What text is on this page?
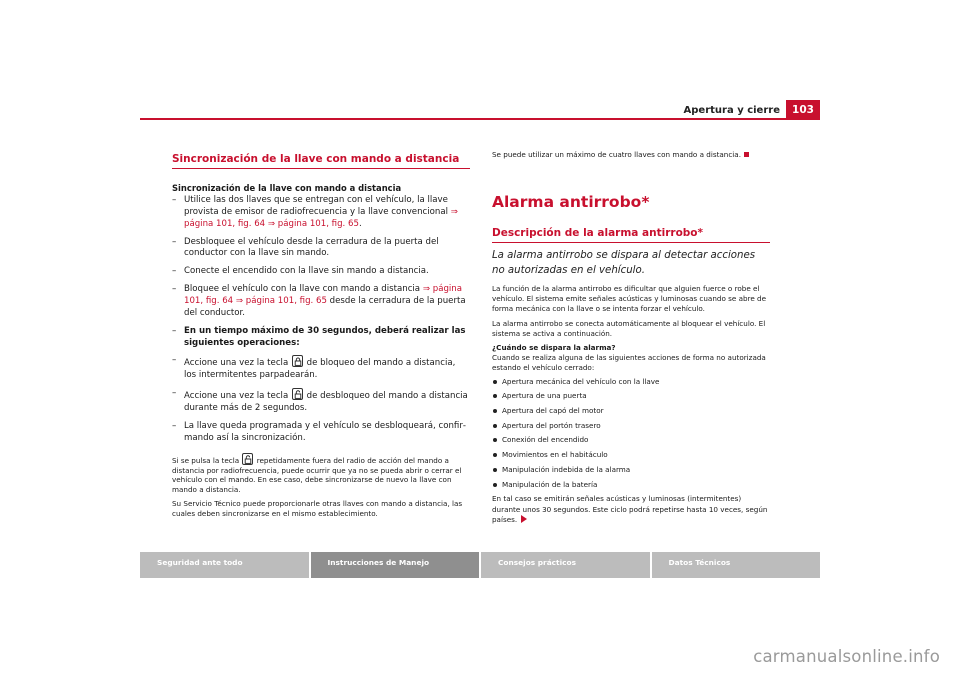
Apertura y cierre	103
Sincronización de la llave con mando a distancia
Sincronización de la llave con mando a distancia
– Utilice las dos llaves que se entregan con el vehículo, la llave provista de emisor de radiofrecuencia y la llave convencional ⇒ página 101, fig. 64 ⇒ página 101, fig. 65.
– Desbloquee el vehículo desde la cerradura de la puerta del conductor con la llave sin mando.
– Conecte el encendido con la llave sin mando a distancia.
– Bloquee el vehículo con la llave con mando a distancia ⇒ página 101, fig. 64 ⇒ página 101, fig. 65 desde la cerradura de la puerta del conductor.
– En un tiempo máximo de 30 segundos, deberá realizar las siguientes operaciones:
– Accione una vez la tecla
de bloqueo del mando a distancia, los intermitentes parpadearán.
– Accione una vez la tecla
de desbloqueo del mando a distancia durante más de 2 segundos.
– La llave queda programada y el vehículo se desbloqueará, confirmando así la sincronización.

Si se pulsa la tecla
repetidamente fuera del radio de acción del mando a distancia por radiofrecuencia, puede ocurrir que ya no se pueda abrir o cerrar el vehículo con el mando. En ese caso, debe sincronizarse de nuevo la llave con mando a distancia.

Su Servicio Técnico puede proporcionarle otras llaves con mando a distancia, las cuales deben sincronizarse en el mismo establecimiento.

Se puede utilizar un máximo de cuatro llaves con mando a distancia.

Alarma antirrobo*
Descripción de la alarma antirrobo*

La alarma antirrobo se dispara al detectar acciones no autorizadas en el vehículo.

La función de la alarma antirrobo es dificultar que alguien fuerce o robe el vehículo. El sistema emite señales acústicas y luminosas cuando se abre de forma mecánica con la llave o se intenta forzar el vehículo.

La alarma antirrobo se conecta automáticamente al bloquear el vehículo. El sistema se activa a continuación.

¿Cuándo se dispara la alarma?

Cuando se realiza alguna de las siguientes acciones de forma no autorizada estando el vehículo cerrado:

Apertura mecánica del vehículo con la llave
Apertura de una puerta
Apertura del capó del motor
Apertura del portón trasero
Conexión del encendido
Movimientos en el habitáculo
Manipulación indebida de la alarma
Manipulación de la batería

En tal caso se emitirán señales acústicas y luminosas (intermitentes) durante unos 30 segundos. Este ciclo podrá repetirse hasta 10 veces, según países.

Seguridad ante todo	Instrucciones de Manejo	Consejos prácticos	Datos Técnicos
carmanualsonline.info
